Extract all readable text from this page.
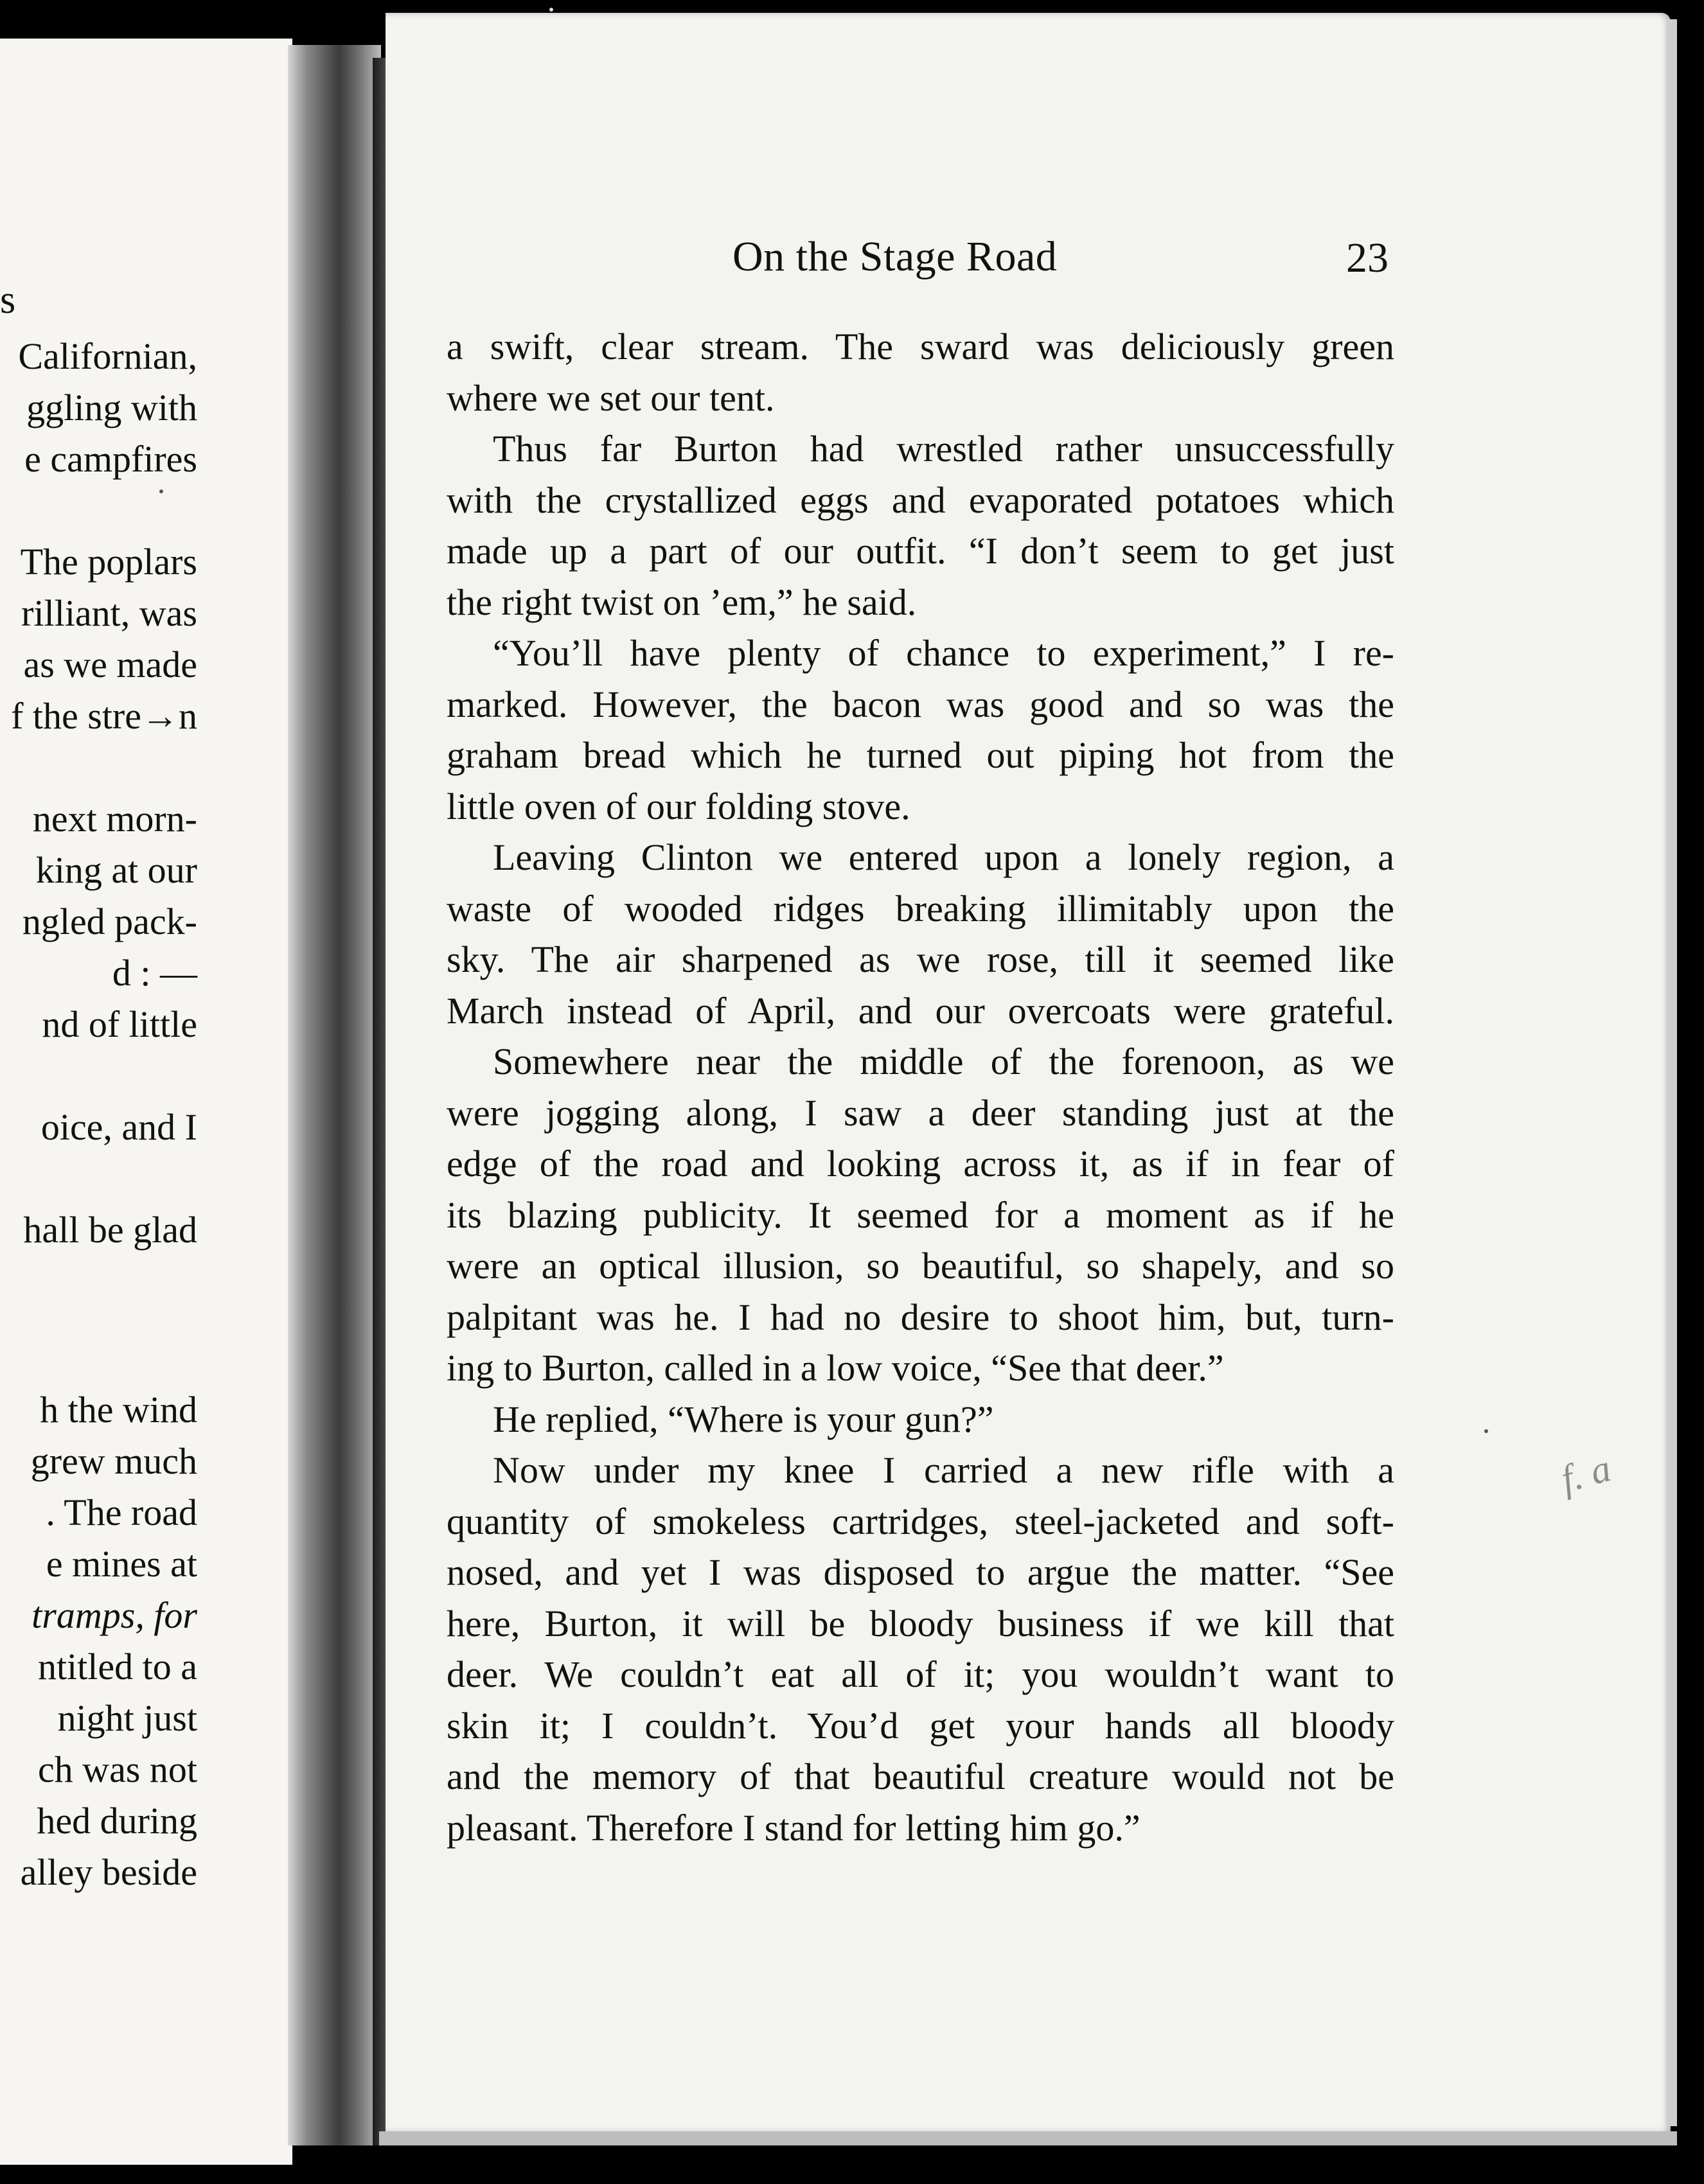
s
Californian,
ggling with
e campfires
The poplars
rilliant, was
as we made
f the stre→n
next morn-
king at our
ngled pack-
d : —
nd of little
oice, and I
hall be glad
h the wind
grew much
. The road
e mines at
tramps, for
ntitled to a
night just
ch was not
hed during
alley beside
On the Stage Road	23
a swift, clear stream. The sward was deliciously green
where we set our tent.
Thus far Burton had wrestled rather unsuccessfully
with the crystallized eggs and evaporated potatoes which
made up a part of our outfit. “I don’t seem to get just
the right twist on ’em,” he said.
“You’ll have plenty of chance to experiment,” I re-
marked. However, the bacon was good and so was the
graham bread which he turned out piping hot from the
little oven of our folding stove.
Leaving Clinton we entered upon a lonely region, a
waste of wooded ridges breaking illimitably upon the
sky. The air sharpened as we rose, till it seemed like
March instead of April, and our overcoats were grateful.
Somewhere near the middle of the forenoon, as we
were jogging along, I saw a deer standing just at the
edge of the road and looking across it, as if in fear of
its blazing publicity. It seemed for a moment as if he
were an optical illusion, so beautiful, so shapely, and so
palpitant was he. I had no desire to shoot him, but, turn-
ing to Burton, called in a low voice, “See that deer.”
He replied, “Where is your gun?”
Now under my knee I carried a new rifle with a
quantity of smokeless cartridges, steel-jacketed and soft-
nosed, and yet I was disposed to argue the matter. “See
here, Burton, it will be bloody business if we kill that
deer. We couldn’t eat all of it; you wouldn’t want to
skin it; I couldn’t. You’d get your hands all bloody
and the memory of that beautiful creature would not be
pleasant. Therefore I stand for letting him go.”
f. a
